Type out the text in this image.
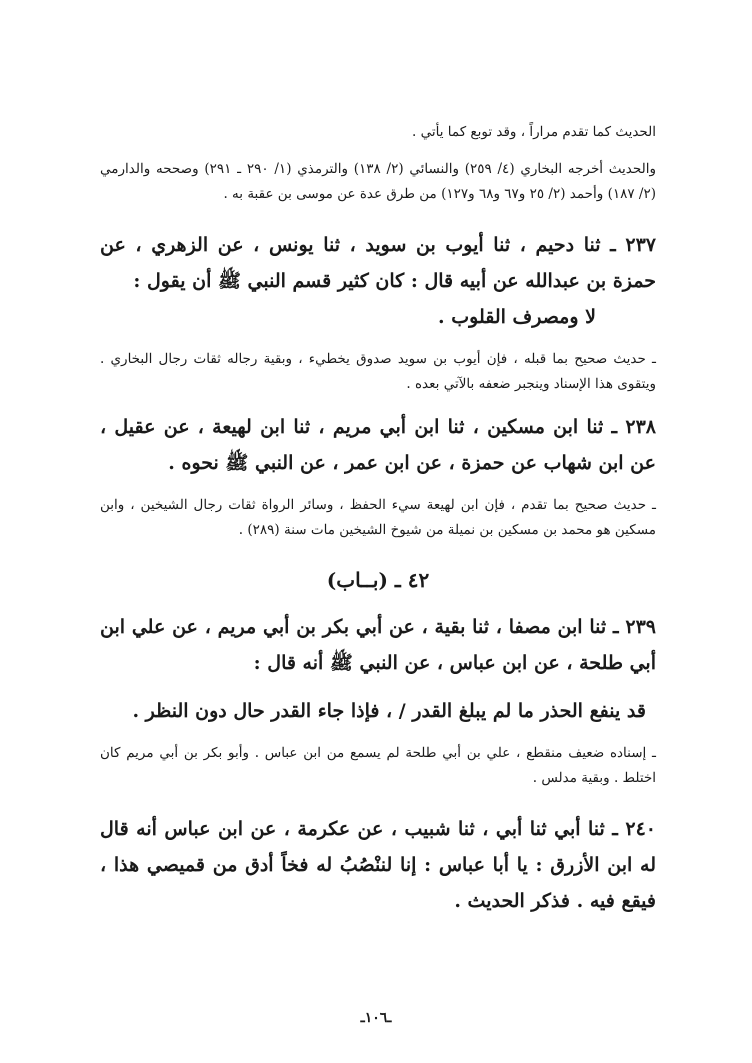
الحديث كما تقدم مراراً ، وقد توبع كما يأتي .

والحديث أخرجه البخاري (٤/ ٢٥٩) والنسائي (٢/ ١٣٨) والترمذي (١/ ٢٩٠ ـ ٢٩١) وصححه والدارمي (٢/ ١٨٧) وأحمد (٢/ ٢٥ و٦٧ و٦٨ و١٢٧) من طرق عدة عن موسى بن عقبة به .

٢٣٧ ـ ثنا دحيم ، ثنا أيوب بن سويد ، ثنا يونس ، عن الزهري ، عن حمزة بن عبدالله عن أبيه قال : كان كثير قسم النبي ﷺ أن يقول :

لا ومصرف القلوب .

ـ حديث صحيح بما قبله ، فإن أيوب بن سويد صدوق يخطيء ، وبقية رجاله ثقات رجال البخاري . ويتقوى هذا الإسناد وينجبر ضعفه بالآتي بعده .

٢٣٨ ـ ثنا ابن مسكين ، ثنا ابن أبي مريم ، ثنا ابن لهيعة ، عن عقيل ، عن ابن شهاب عن حمزة ، عن ابن عمر ، عن النبي ﷺ نحوه .

ـ حديث صحيح بما تقدم ، فإن ابن لهيعة سيء الحفظ ، وسائر الرواة ثقات رجال الشيخين ، وابن مسكين هو محمد بن مسكين بن نميلة من شيوخ الشيخين مات سنة (٢٨٩) .

٤٢ ـ (بــاب)

٢٣٩ ـ ثنا ابن مصفا ، ثنا بقية ، عن أبي بكر بن أبي مريم ، عن علي ابن أبي طلحة ، عن ابن عباس ، عن النبي ﷺ أنه قال :

قد ينفع الحذر ما لم يبلغ القدر / ، فإذا جاء القدر حال دون النظر .

ـ إسناده ضعيف منقطع ، علي بن أبي طلحة لم يسمع من ابن عباس . وأبو بكر بن أبي مريم كان اختلط . وبقية مدلس .

٢٤٠ ـ ثنا أبي ثنا أبي ، ثنا شبيب ، عن عكرمة ، عن ابن عباس أنه قال له ابن الأزرق : يا أبا عباس : إنا لننْصُبُ له فخاً أدق من قميصي هذا ، فيقع فيه . فذكر الحديث .

ـ١٠٦ـ
